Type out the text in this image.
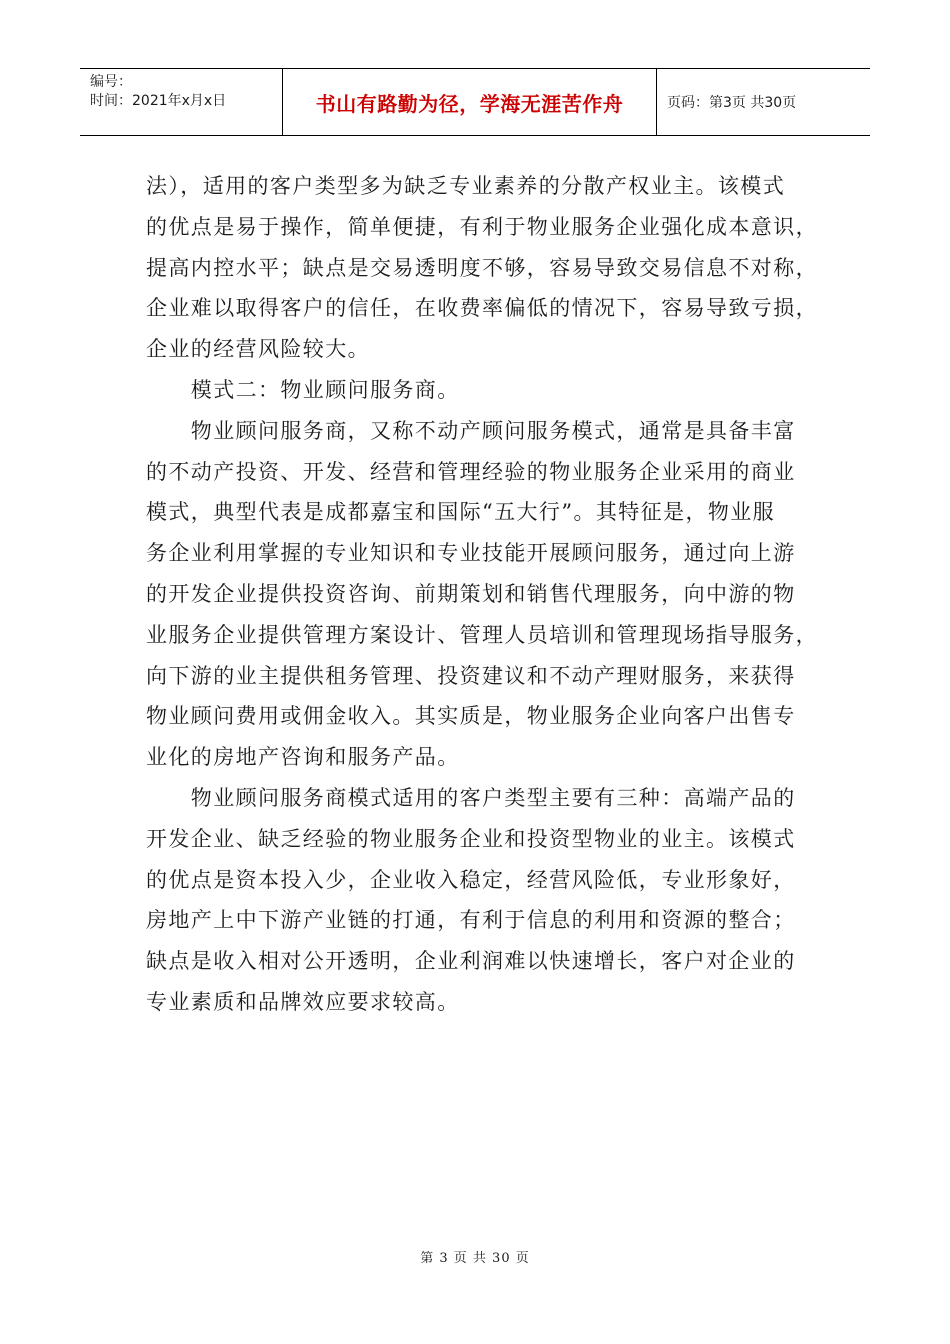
编号：
时间：2021年x月x日	书山有路勤为径，学海无涯苦作舟	页码：第3页 共30页

法），适用的客户类型多为缺乏专业素养的分散产权业主。该模式

的优点是易于操作，简单便捷，有利于物业服务企业强化成本意识，

提高内控水平；缺点是交易透明度不够，容易导致交易信息不对称，

企业难以取得客户的信任，在收费率偏低的情况下，容易导致亏损，

企业的经营风险较大。

　　模式二：物业顾问服务商。

　　物业顾问服务商，又称不动产顾问服务模式，通常是具备丰富

的不动产投资、开发、经营和管理经验的物业服务企业采用的商业

模式，典型代表是成都嘉宝和国际“五大行”。其特征是，物业服

务企业利用掌握的专业知识和专业技能开展顾问服务，通过向上游

的开发企业提供投资咨询、前期策划和销售代理服务，向中游的物

业服务企业提供管理方案设计、管理人员培训和管理现场指导服务，

向下游的业主提供租务管理、投资建议和不动产理财服务，来获得

物业顾问费用或佣金收入。其实质是，物业服务企业向客户出售专

业化的房地产咨询和服务产品。

　　物业顾问服务商模式适用的客户类型主要有三种：高端产品的

开发企业、缺乏经验的物业服务企业和投资型物业的业主。该模式

的优点是资本投入少，企业收入稳定，经营风险低，专业形象好，

房地产上中下游产业链的打通，有利于信息的利用和资源的整合；

缺点是收入相对公开透明，企业利润难以快速增长，客户对企业的

专业素质和品牌效应要求较高。

第 3 页 共 30 页
